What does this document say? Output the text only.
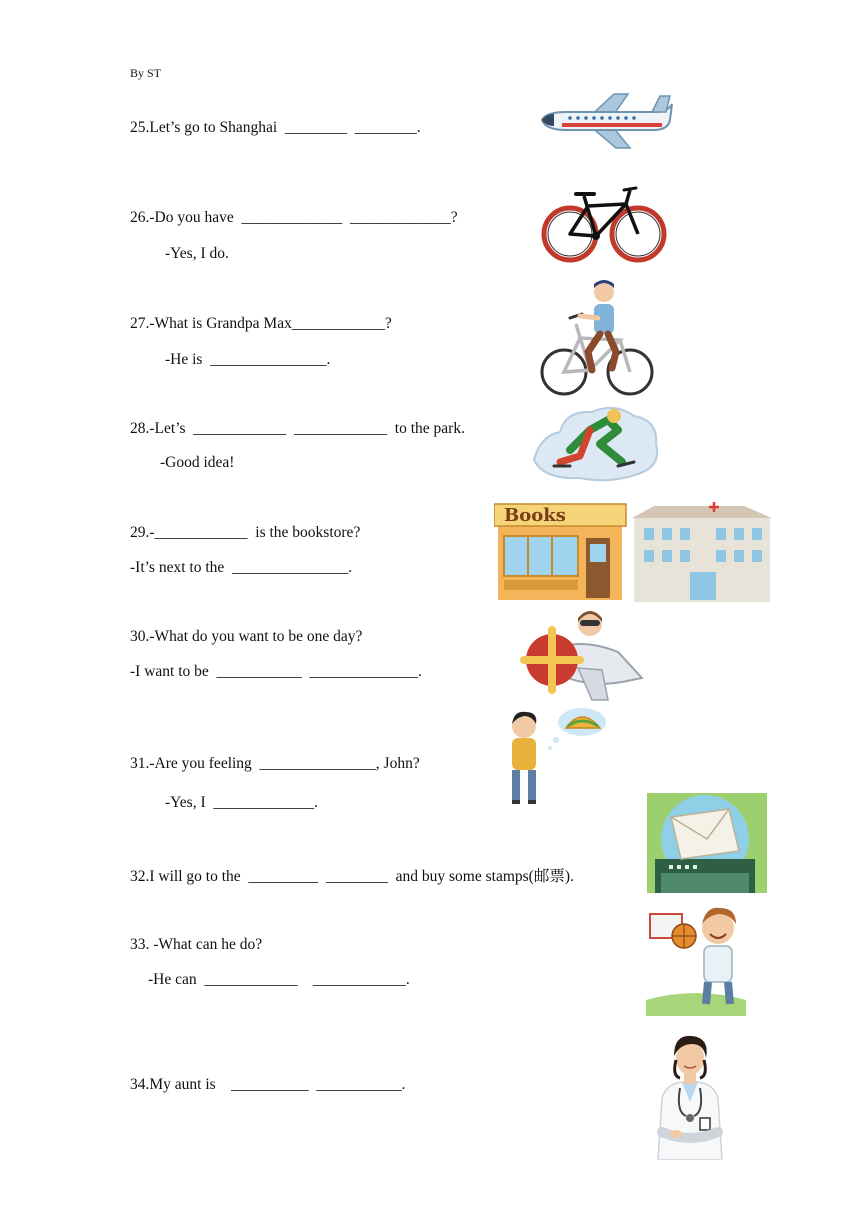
By ST
25.Let’s go to Shanghai  ________  ________.
26.-Do you have  _____________  _____________?
-Yes, I do.
27.-What is Grandpa Max____________?
-He is  _______________.
28.-Let’s  ____________  ____________  to the park.
-Good idea!
29.-____________  is the bookstore?
-It’s next to the  _______________.
Books
30.-What do you want to be one day?
-I want to be  ___________  ______________.
31.-Are you feeling  _______________, John?
-Yes, I  _____________.
32.I will go to the  _________  ________  and buy some stamps(邮票).
33. -What can he do?
-He can  ____________    ____________.
34.My aunt is    __________  ___________.
